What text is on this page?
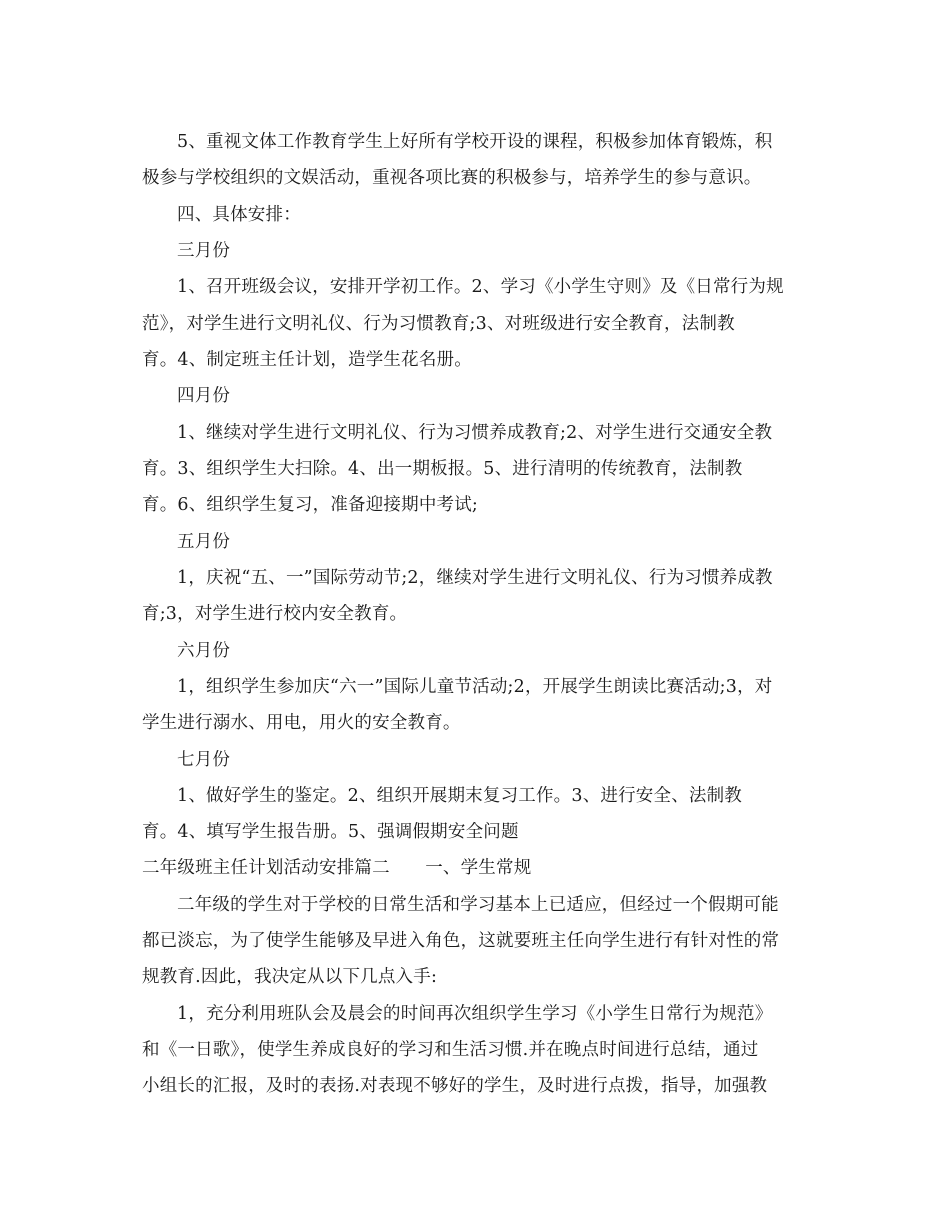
5、重视文体工作教育学生上好所有学校开设的课程，积极参加体育锻炼，积
极参与学校组织的文娱活动，重视各项比赛的积极参与，培养学生的参与意识。
四、具体安排：
三月份
1、召开班级会议，安排开学初工作。2、学习《小学生守则》及《日常行为规
范》，对学生进行文明礼仪、行为习惯教育;3、对班级进行安全教育，法制教
育。4、制定班主任计划，造学生花名册。
四月份
1、继续对学生进行文明礼仪、行为习惯养成教育;2、对学生进行交通安全教
育。3、组织学生大扫除。4、出一期板报。5、进行清明的传统教育，法制教
育。6、组织学生复习，准备迎接期中考试;
五月份
1，庆祝“五、一”国际劳动节;2，继续对学生进行文明礼仪、行为习惯养成教
育;3，对学生进行校内安全教育。
六月份
1，组织学生参加庆“六一”国际儿童节活动;2，开展学生朗读比赛活动;3，对
学生进行溺水、用电，用火的安全教育。
七月份
1、做好学生的鉴定。2、组织开展期末复习工作。3、进行安全、法制教
育。4、填写学生报告册。5、强调假期安全问题
二年级班主任计划活动安排篇二　　一、学生常规
二年级的学生对于学校的日常生活和学习基本上已适应，但经过一个假期可能
都已淡忘，为了使学生能够及早进入角色，这就要班主任向学生进行有针对性的常
规教育.因此，我决定从以下几点入手:
1，充分利用班队会及晨会的时间再次组织学生学习《小学生日常行为规范》
和《一日歌》，使学生养成良好的学习和生活习惯.并在晚点时间进行总结，通过
小组长的汇报，及时的表扬.对表现不够好的学生，及时进行点拨，指导，加强教
